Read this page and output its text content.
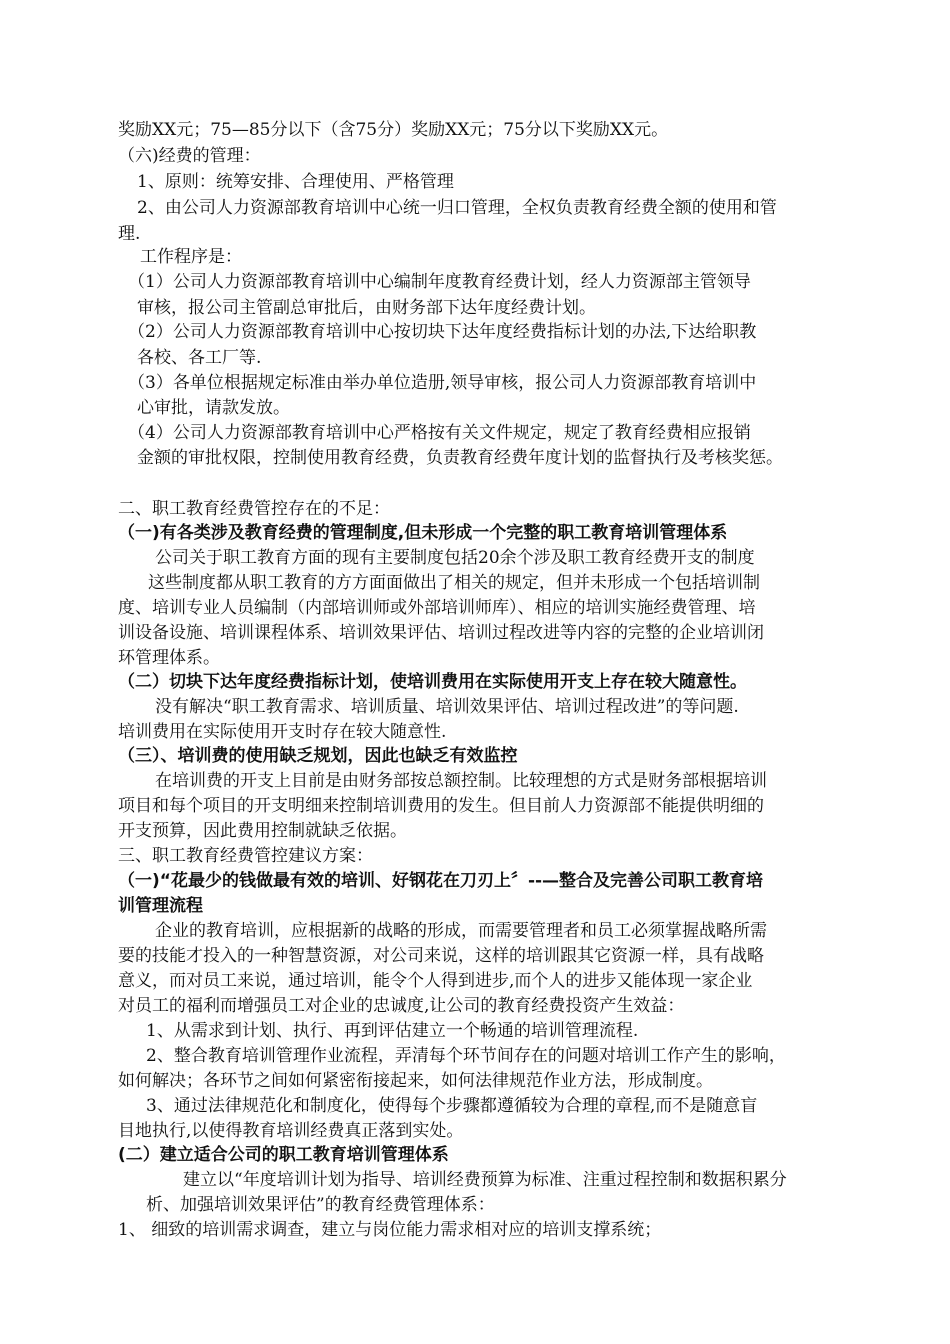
奖励XX元；75—85分以下（含75分）奖励XX元；75分以下奖励XX元。
（六)经费的管理：
1、原则：统筹安排、合理使用、严格管理
2、由公司人力资源部教育培训中心统一归口管理，全权负责教育经费全额的使用和管
理.
工作程序是：
（1）公司人力资源部教育培训中心编制年度教育经费计划，经人力资源部主管领导
审核，报公司主管副总审批后，由财务部下达年度经费计划。
（2）公司人力资源部教育培训中心按切块下达年度经费指标计划的办法,下达给职教
各校、各工厂等.
（3）各单位根据规定标准由举办单位造册,领导审核，报公司人力资源部教育培训中
心审批，请款发放。
（4）公司人力资源部教育培训中心严格按有关文件规定，规定了教育经费相应报销
金额的审批权限，控制使用教育经费，负责教育经费年度计划的监督执行及考核奖惩。
二、职工教育经费管控存在的不足：
（一)有各类涉及教育经费的管理制度,但未形成一个完整的职工教育培训管理体系
公司关于职工教育方面的现有主要制度包括20余个涉及职工教育经费开支的制度
这些制度都从职工教育的方方面面做出了相关的规定，但并未形成一个包括培训制
度、培训专业人员编制（内部培训师或外部培训师库）、相应的培训实施经费管理、培
训设备设施、培训课程体系、培训效果评估、培训过程改进等内容的完整的企业培训闭
环管理体系。
（二）切块下达年度经费指标计划，使培训费用在实际使用开支上存在较大随意性。
没有解决“职工教育需求、培训质量、培训效果评估、培训过程改进”的等问题.
培训费用在实际使用开支时存在较大随意性.
（三）、培训费的使用缺乏规划，因此也缺乏有效监控
在培训费的开支上目前是由财务部按总额控制。比较理想的方式是财务部根据培训
项目和每个项目的开支明细来控制培训费用的发生。但目前人力资源部不能提供明细的
开支预算，因此费用控制就缺乏依据。
三、职工教育经费管控建议方案：
（一)“花最少的钱做最有效的培训、好钢花在刀刃上〞--—整合及完善公司职工教育培
训管理流程
企业的教育培训，应根据新的战略的形成，而需要管理者和员工必须掌握战略所需
要的技能才投入的一种智慧资源，对公司来说，这样的培训跟其它资源一样，具有战略
意义，而对员工来说，通过培训，能令个人得到进步,而个人的进步又能体现一家企业
对员工的福利而增强员工对企业的忠诚度,让公司的教育经费投资产生效益：
1、从需求到计划、执行、再到评估建立一个畅通的培训管理流程.
2、整合教育培训管理作业流程，弄清每个环节间存在的问题对培训工作产生的影响，
如何解决；各环节之间如何紧密衔接起来，如何法律规范作业方法，形成制度。
3、通过法律规范化和制度化，使得每个步骤都遵循较为合理的章程,而不是随意盲
目地执行,以使得教育培训经费真正落到实处。
(二）建立适合公司的职工教育培训管理体系
建立以“年度培训计划为指导、培训经费预算为标准、注重过程控制和数据积累分
析、加强培训效果评估”的教育经费管理体系：
1、 细致的培训需求调查，建立与岗位能力需求相对应的培训支撑系统；
